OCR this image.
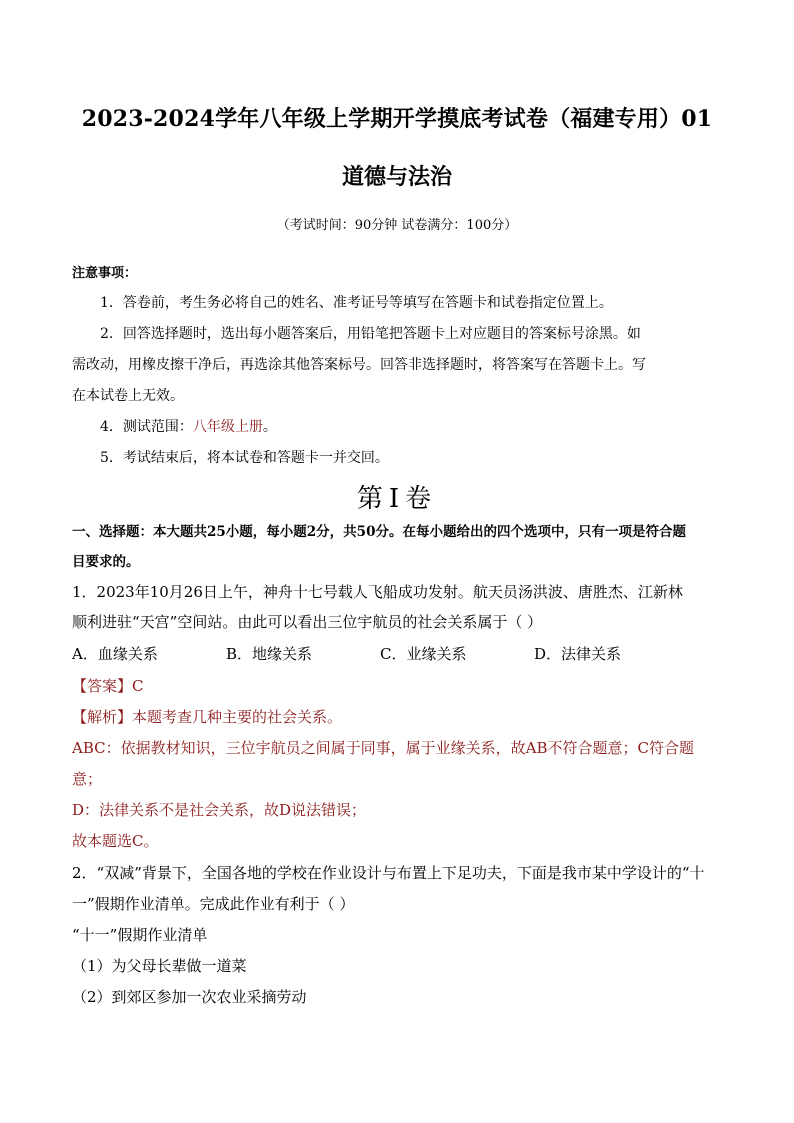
2023-2024学年八年级上学期开学摸底考试卷（福建专用）01
道德与法治
（考试时间：90分钟 试卷满分：100分）
注意事项：
1．答卷前，考生务必将自己的姓名、准考证号等填写在答题卡和试卷指定位置上。
2．回答选择题时，选出每小题答案后，用铅笔把答题卡上对应题目的答案标号涂黑。如
需改动，用橡皮擦干净后，再选涂其他答案标号。回答非选择题时，将答案写在答题卡上。写
在本试卷上无效。
4．测试范围：八年级上册。
5．考试结束后，将本试卷和答题卡一并交回。
第Ⅰ卷
一、选择题：本大题共25小题，每小题2分，共50分。在每小题给出的四个选项中，只有一项是符合题
目要求的。
1．2023年10月26日上午，神舟十七号载人飞船成功发射。航天员汤洪波、唐胜杰、江新林
顺利进驻“天宫”空间站。由此可以看出三位宇航员的社会关系属于（ ）
A．血缘关系	B．地缘关系	C．业缘关系	D．法律关系
【答案】C
【解析】本题考查几种主要的社会关系。
ABC：依据教材知识，三位宇航员之间属于同事，属于业缘关系，故AB不符合题意；C符合题
意；
D：法律关系不是社会关系，故D说法错误；
故本题选C。
2．“双减”背景下，全国各地的学校在作业设计与布置上下足功夫，下面是我市某中学设计的“十
一”假期作业清单。完成此作业有利于（ ）
“十一”假期作业清单
（1）为父母长辈做一道菜
（2）到郊区参加一次农业采摘劳动
